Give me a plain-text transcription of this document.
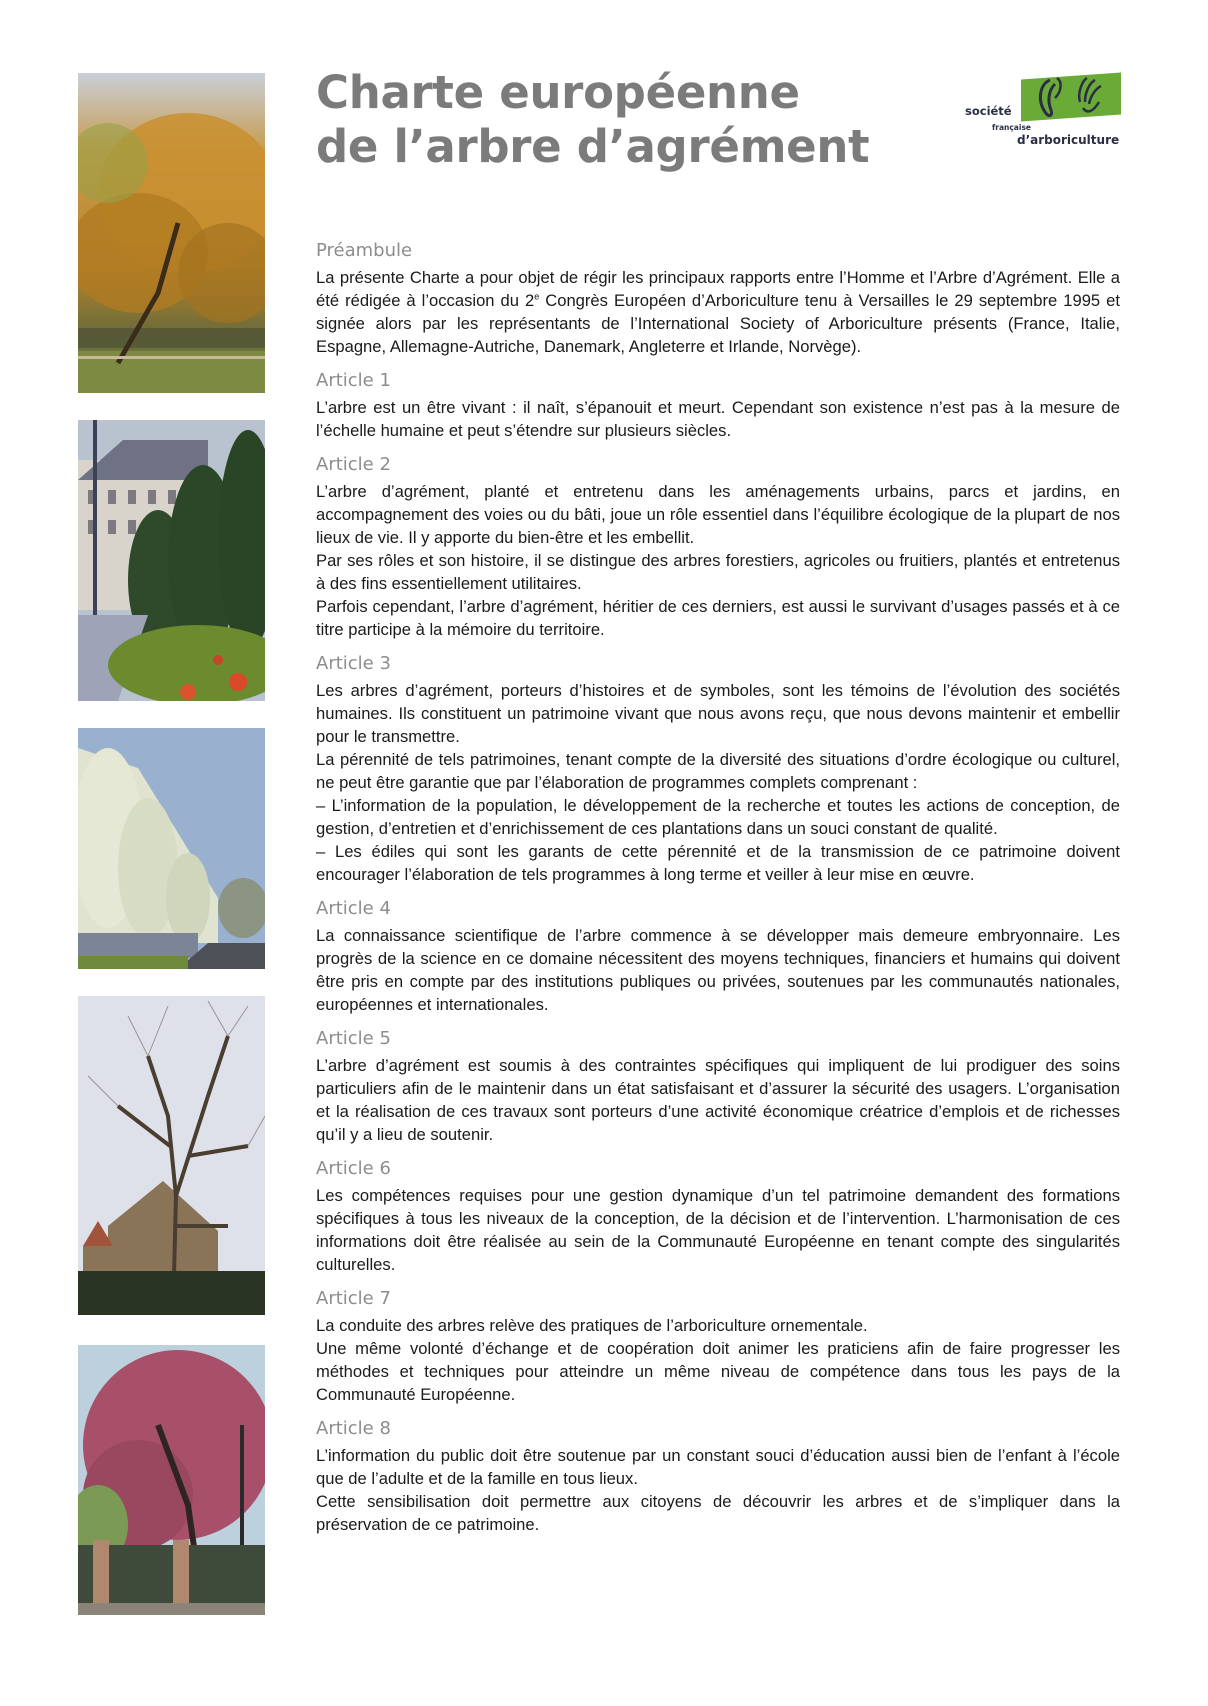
Charte européenne
de l’arbre d’agrément
société
française
d’arboriculture
Préambule

La présente Charte a pour objet de régir les principaux rapports entre l’Homme et l’Arbre d’Agrément. Elle a été rédigée à l’occasion du 2e Congrès Européen d’Arboriculture tenu à Versailles le 29 septembre 1995 et signée alors par les représentants de l’International Society of Arboriculture présents (France, Italie, Espagne, Allemagne-Autriche, Danemark, Angleterre et Irlande, Norvège).

Article 1

L’arbre est un être vivant : il naît, s’épanouit et meurt. Cependant son existence n’est pas à la mesure de l’échelle humaine et peut s’étendre sur plusieurs siècles.

Article 2

L’arbre d’agrément, planté et entretenu dans les aménagements urbains, parcs et jardins, en accompagnement des voies ou du bâti, joue un rôle essentiel dans l’équilibre écologique de la plupart de nos lieux de vie. Il y apporte du bien-être et les embellit.

Par ses rôles et son histoire, il se distingue des arbres forestiers, agricoles ou fruitiers, plantés et entretenus à des fins essentiellement utilitaires.

Parfois cependant, l’arbre d’agrément, héritier de ces derniers, est aussi le survivant d’usages passés et à ce titre participe à la mémoire du territoire.

Article 3

Les arbres d’agrément, porteurs d’histoires et de symboles, sont les témoins de l’évolution des sociétés humaines. Ils constituent un patrimoine vivant que nous avons reçu, que nous devons maintenir et embellir pour le transmettre.

La pérennité de tels patrimoines, tenant compte de la diversité des situations d’ordre écologique ou culturel, ne peut être garantie que par l’élaboration de programmes complets comprenant :

– L’information de la population, le développement de la recherche et toutes les actions de conception, de gestion, d’entretien et d’enrichissement de ces plantations dans un souci constant de qualité.

– Les édiles qui sont les garants de cette pérennité et de la transmission de ce patrimoine doivent encourager l’élaboration de tels programmes à long terme et veiller à leur mise en œuvre.

Article 4

La connaissance scientifique de l’arbre commence à se développer mais demeure embryonnaire. Les progrès de la science en ce domaine nécessitent des moyens techniques, financiers et humains qui doivent être pris en compte par des institutions publiques ou privées, soutenues par les communautés nationales, européennes et internationales.

Article 5

L’arbre d’agrément est soumis à des contraintes spécifiques qui impliquent de lui prodiguer des soins particuliers afin de le maintenir dans un état satisfaisant et d’assurer la sécurité des usagers. L’organisation et la réalisation de ces travaux sont porteurs d’une activité économique créatrice d’emplois et de richesses qu’il y a lieu de soutenir.

Article 6

Les compétences requises pour une gestion dynamique d’un tel patrimoine demandent des formations spécifiques à tous les niveaux de la conception, de la décision et de l’intervention. L’harmonisation de ces informations doit être réalisée au sein de la Communauté Européenne en tenant compte des singularités culturelles.

Article 7

La conduite des arbres relève des pratiques de l’arboriculture ornementale.

Une même volonté d’échange et de coopération doit animer les praticiens afin de faire progresser les méthodes et techniques pour atteindre un même niveau de compétence dans tous les pays de la Communauté Européenne.

Article 8

L’information du public doit être soutenue par un constant souci d’éducation aussi bien de l’enfant à l’école que de l’adulte et de la famille en tous lieux.

Cette sensibilisation doit permettre aux citoyens de découvrir les arbres et de s’impliquer dans la préservation de ce patrimoine.
